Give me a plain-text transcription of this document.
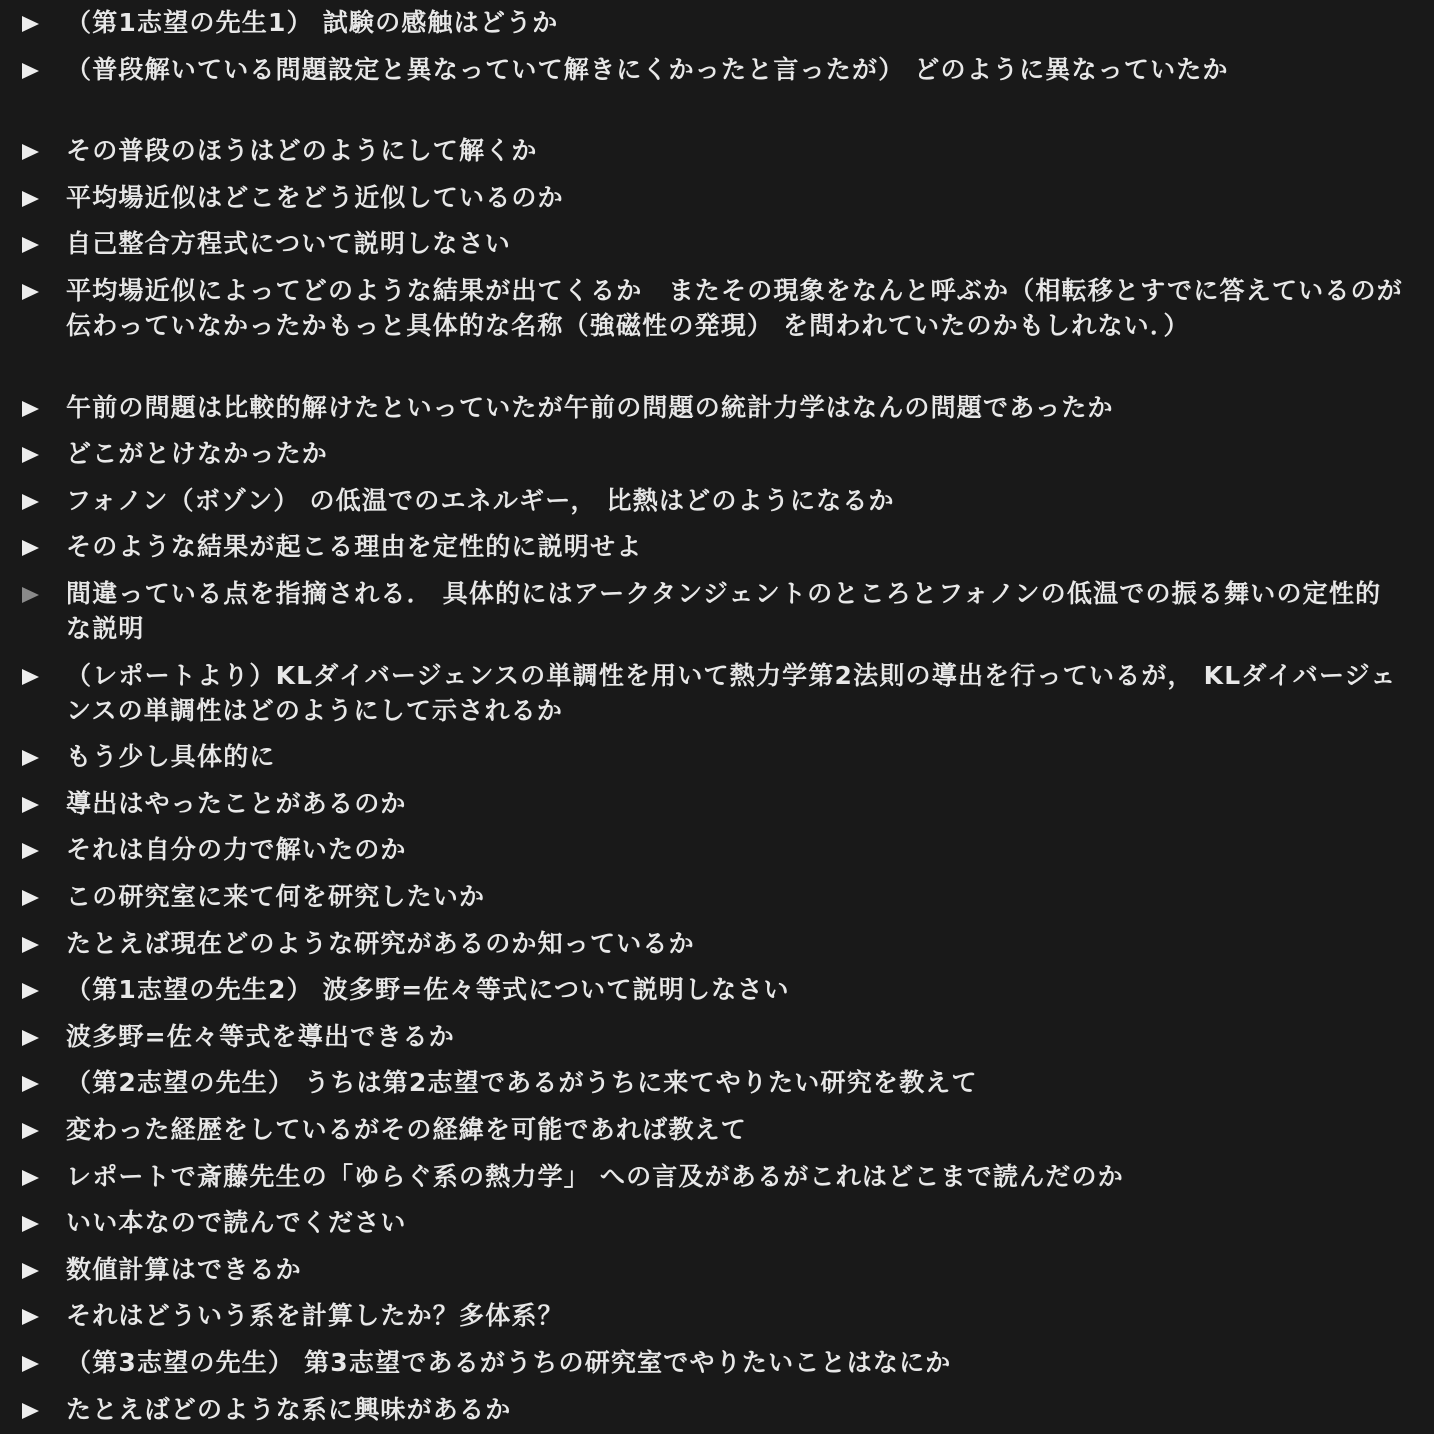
（第1志望の先生1） 試験の感触はどうか
（普段解いている問題設定と異なっていて解きにくかったと言ったが） どのように異なっていたか
その普段のほうはどのようにして解くか
平均場近似はどこをどう近似しているのか
自己整合方程式について説明しなさい
平均場近似によってどのような結果が出てくるか　またその現象をなんと呼ぶか（相転移とすでに答えているのが伝わっていなかったかもっと具体的な名称（強磁性の発現） を問われていたのかもしれない．）
午前の問題は比較的解けたといっていたが午前の問題の統計力学はなんの問題であったか
どこがとけなかったか
フォノン（ボゾン） の低温でのエネルギー， 比熱はどのようになるか
そのような結果が起こる理由を定性的に説明せよ
間違っている点を指摘される． 具体的にはアークタンジェントのところとフォノンの低温での振る舞いの定性的な説明
（レポートより）KLダイバージェンスの単調性を用いて熱力学第2法則の導出を行っているが， KLダイバージェンスの単調性はどのようにして示されるか
もう少し具体的に
導出はやったことがあるのか
それは自分の力で解いたのか
この研究室に来て何を研究したいか
たとえば現在どのような研究があるのか知っているか
（第1志望の先生2） 波多野=佐々等式について説明しなさい
波多野=佐々等式を導出できるか
（第2志望の先生） うちは第2志望であるがうちに来てやりたい研究を教えて
変わった経歴をしているがその経緯を可能であれば教えて
レポートで斎藤先生の「ゆらぐ系の熱力学」 への言及があるがこれはどこまで読んだのか
いい本なので読んでください
数値計算はできるか
それはどういう系を計算したか？多体系？
（第3志望の先生） 第3志望であるがうちの研究室でやりたいことはなにか
たとえばどのような系に興味があるか
